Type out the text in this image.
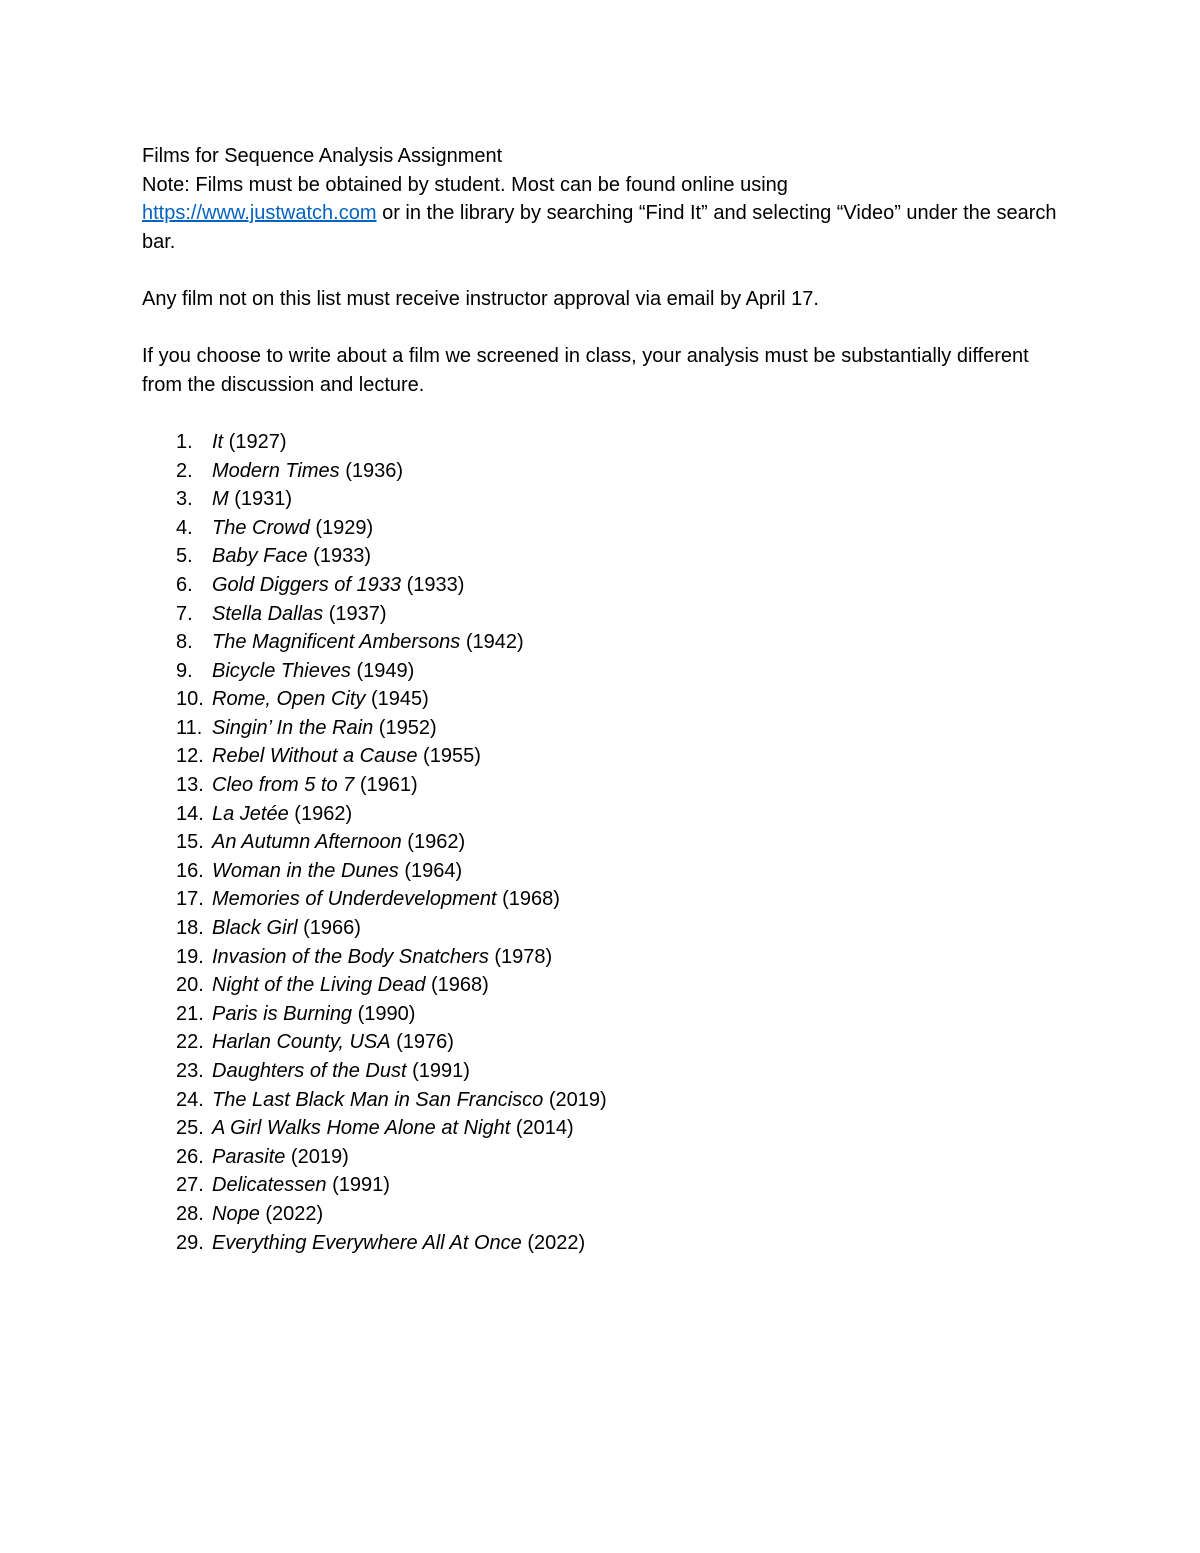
Films for Sequence Analysis Assignment

Note: Films must be obtained by student. Most can be found online using
https://www.justwatch.com or in the library by searching “Find It” and selecting “Video” under the search bar.

Any film not on this list must receive instructor approval via email by April 17.

If you choose to write about a film we screened in class, your analysis must be substantially different from the discussion and lecture.

1. It (1927)
2. Modern Times (1936)
3. M (1931)
4. The Crowd (1929)
5. Baby Face (1933)
6. Gold Diggers of 1933 (1933)
7. Stella Dallas (1937)
8. The Magnificent Ambersons (1942)
9. Bicycle Thieves (1949)
10. Rome, Open City (1945)
11. Singin’ In the Rain (1952)
12. Rebel Without a Cause (1955)
13. Cleo from 5 to 7 (1961)
14. La Jetée (1962)
15. An Autumn Afternoon (1962)
16. Woman in the Dunes (1964)
17. Memories of Underdevelopment (1968)
18. Black Girl (1966)
19. Invasion of the Body Snatchers (1978)
20. Night of the Living Dead (1968)
21. Paris is Burning (1990)
22. Harlan County, USA (1976)
23. Daughters of the Dust (1991)
24. The Last Black Man in San Francisco (2019)
25. A Girl Walks Home Alone at Night (2014)
26. Parasite (2019)
27. Delicatessen (1991)
28. Nope (2022)
29. Everything Everywhere All At Once (2022)
